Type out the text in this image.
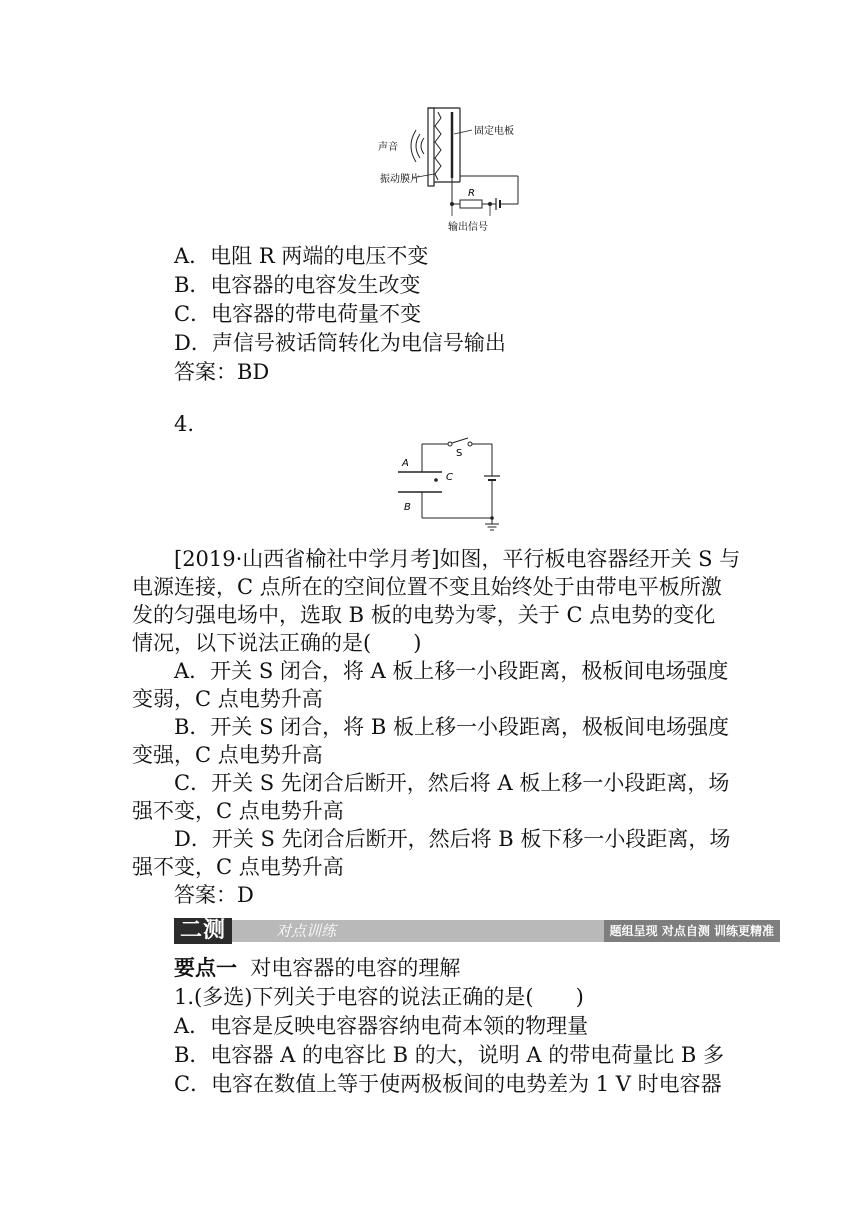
固定电板
声音
振动膜片
R
输出信号
A．电阻 R 两端的电压不变
B．电容器的电容发生改变
C．电容器的带电荷量不变
D．声信号被话筒转化为电信号输出
答案：BD
4.
A
B
C
S
[2019·山西省榆社中学月考]如图，平行板电容器经开关 S 与
电源连接，C 点所在的空间位置不变且始终处于由带电平板所激
发的匀强电场中，选取 B 板的电势为零，关于 C 点电势的变化
情况，以下说法正确的是(　　)
A．开关 S 闭合，将 A 板上移一小段距离，极板间电场强度
变弱，C 点电势升高
B．开关 S 闭合，将 B 板上移一小段距离，极板间电场强度
变强，C 点电势升高
C．开关 S 先闭合后断开，然后将 A 板上移一小段距离，场
强不变，C 点电势升高
D．开关 S 先闭合后断开，然后将 B 板下移一小段距离，场
强不变，C 点电势升高
答案：D
二测	对点训练	题组呈现 对点自测 训练更精准
要点一 对电容器的电容的理解
1.(多选)下列关于电容的说法正确的是(　　)
A．电容是反映电容器容纳电荷本领的物理量
B．电容器 A 的电容比 B 的大，说明 A 的带电荷量比 B 多
C．电容在数值上等于使两极板间的电势差为 1 V 时电容器
